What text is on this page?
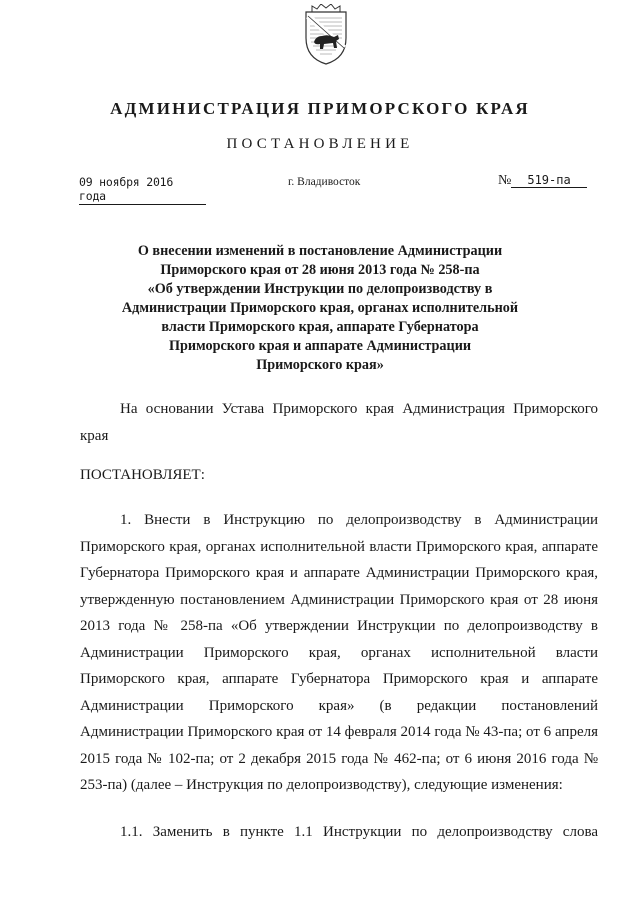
АДМИНИСТРАЦИЯ ПРИМОРСКОГО КРАЯ
ПОСТАНОВЛЕНИЕ
09 ноября 2016 года
г. Владивосток	№ 519-па
О внесении изменений в постановление Администрации
Приморского края от 28 июня 2013 года № 258-па
«Об утверждении Инструкции по делопроизводству в
Администрации Приморского края, органах исполнительной
власти Приморского края, аппарате Губернатора
Приморского края и аппарате Администрации
Приморского края»
На основании Устава Приморского края Администрация Приморского края
ПОСТАНОВЛЯЕТ:
1. Внести в Инструкцию по делопроизводству в Администрации Приморского края, органах исполнительной власти Приморского края, аппарате Губернатора Приморского края и аппарате Администрации Приморского края, утвержденную постановлением Администрации Приморского края от 28 июня 2013 года № 258-па «Об утверждении Инструкции по делопроизводству в Администрации Приморского края, органах исполнительной власти Приморского края, аппарате Губернатора Приморского края и аппарате Администрации Приморского края» (в редакции постановлений Администрации Приморского края от 14 февраля 2014 года № 43-па; от 6 апреля 2015 года № 102-па; от 2 декабря 2015 года № 462-па; от 6 июня 2016 года № 253-па) (далее – Инструкция по делопроизводству), следующие изменения:
1.1. Заменить в пункте 1.1 Инструкции по делопроизводству слова
